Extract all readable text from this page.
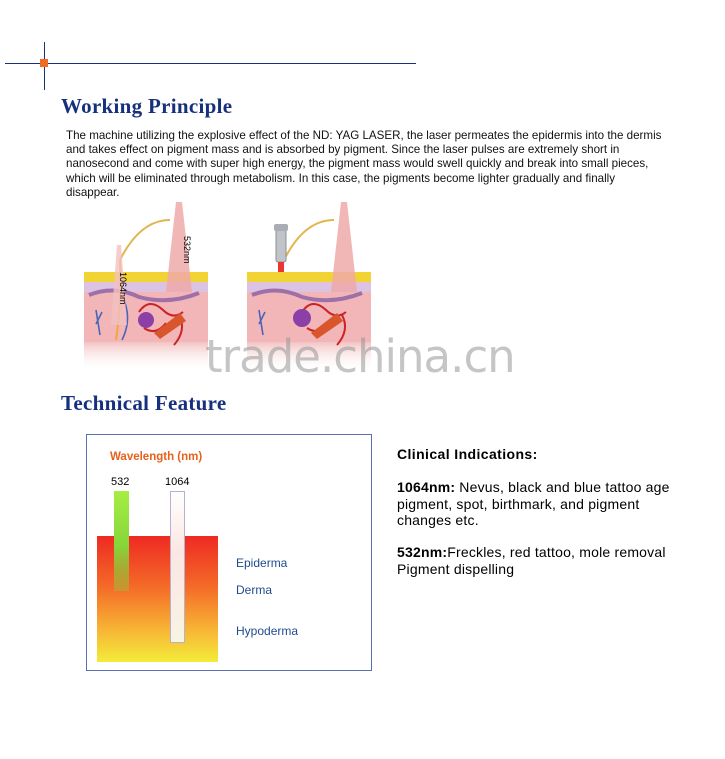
Working Principle
The machine utilizing the explosive effect of the ND: YAG LASER, the laser permeates the epidermis into the dermis and takes effect on pigment mass and is absorbed by pigment. Since the laser pulses are extremely short in nanosecond and come with super high energy, the pigment mass would swell quickly and break into small pieces, which will be eliminated through metabolism. In this case, the pigments become lighter gradually and finally disappear.
532nm
1064nm
trade.china.cn
Technical Feature
Wavelength (nm)
532	1064
Epiderma
Derma
Hypoderma
Clinical Indications:
1064nm: Nevus, black and blue tattoo age pigment, spot, birthmark, and pigment changes etc.
532nm:Freckles, red tattoo, mole removal Pigment dispelling
